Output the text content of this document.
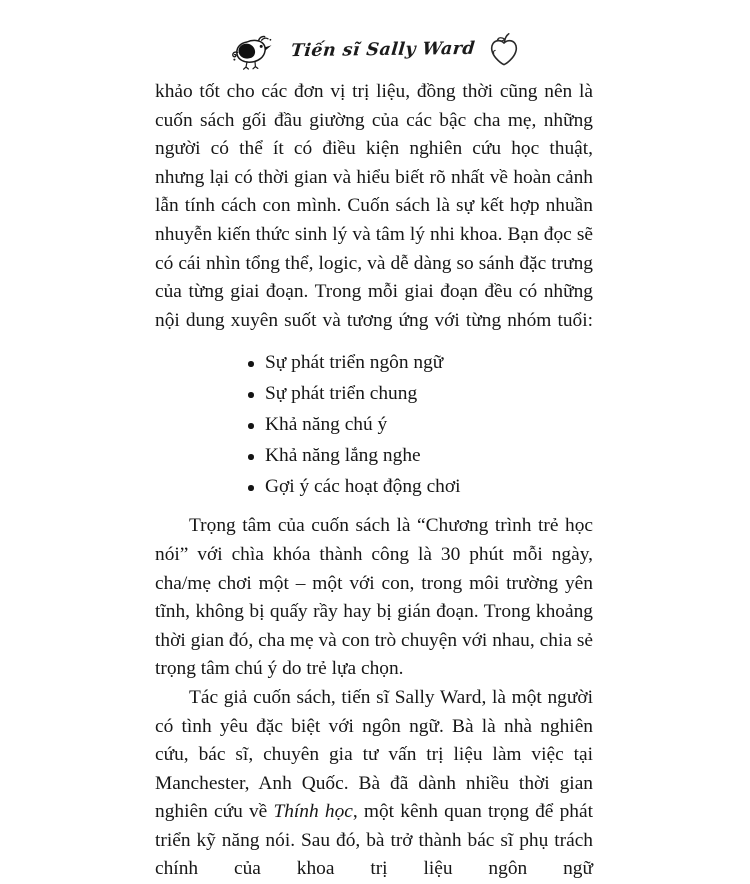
Tiến sĩ Sally Ward

khảo tốt cho các đơn vị trị liệu, đồng thời cũng nên là cuốn sách gối đầu giường của các bậc cha mẹ, những người có thể ít có điều kiện nghiên cứu học thuật, nhưng lại có thời gian và hiểu biết rõ nhất về hoàn cảnh lẫn tính cách con mình. Cuốn sách là sự kết hợp nhuần nhuyễn kiến thức sinh lý và tâm lý nhi khoa. Bạn đọc sẽ có cái nhìn tổng thể, logic, và dễ dàng so sánh đặc trưng của từng giai đoạn. Trong mỗi giai đoạn đều có những nội dung xuyên suốt và tương ứng với từng nhóm tuổi:

Sự phát triển ngôn ngữ
Sự phát triển chung
Khả năng chú ý
Khả năng lắng nghe
Gợi ý các hoạt động chơi

Trọng tâm của cuốn sách là “Chương trình trẻ học nói” với chìa khóa thành công là 30 phút mỗi ngày, cha/mẹ chơi một – một với con, trong môi trường yên tĩnh, không bị quấy rầy hay bị gián đoạn. Trong khoảng thời gian đó, cha mẹ và con trò chuyện với nhau, chia sẻ trọng tâm chú ý do trẻ lựa chọn.

Tác giả cuốn sách, tiến sĩ Sally Ward, là một người có tình yêu đặc biệt với ngôn ngữ. Bà là nhà nghiên cứu, bác sĩ, chuyên gia tư vấn trị liệu làm việc tại Manchester, Anh Quốc. Bà đã dành nhiều thời gian nghiên cứu về Thính học, một kênh quan trọng để phát triển kỹ năng nói. Sau đó, bà trở thành bác sĩ phụ trách chính của khoa trị liệu ngôn ngữ
